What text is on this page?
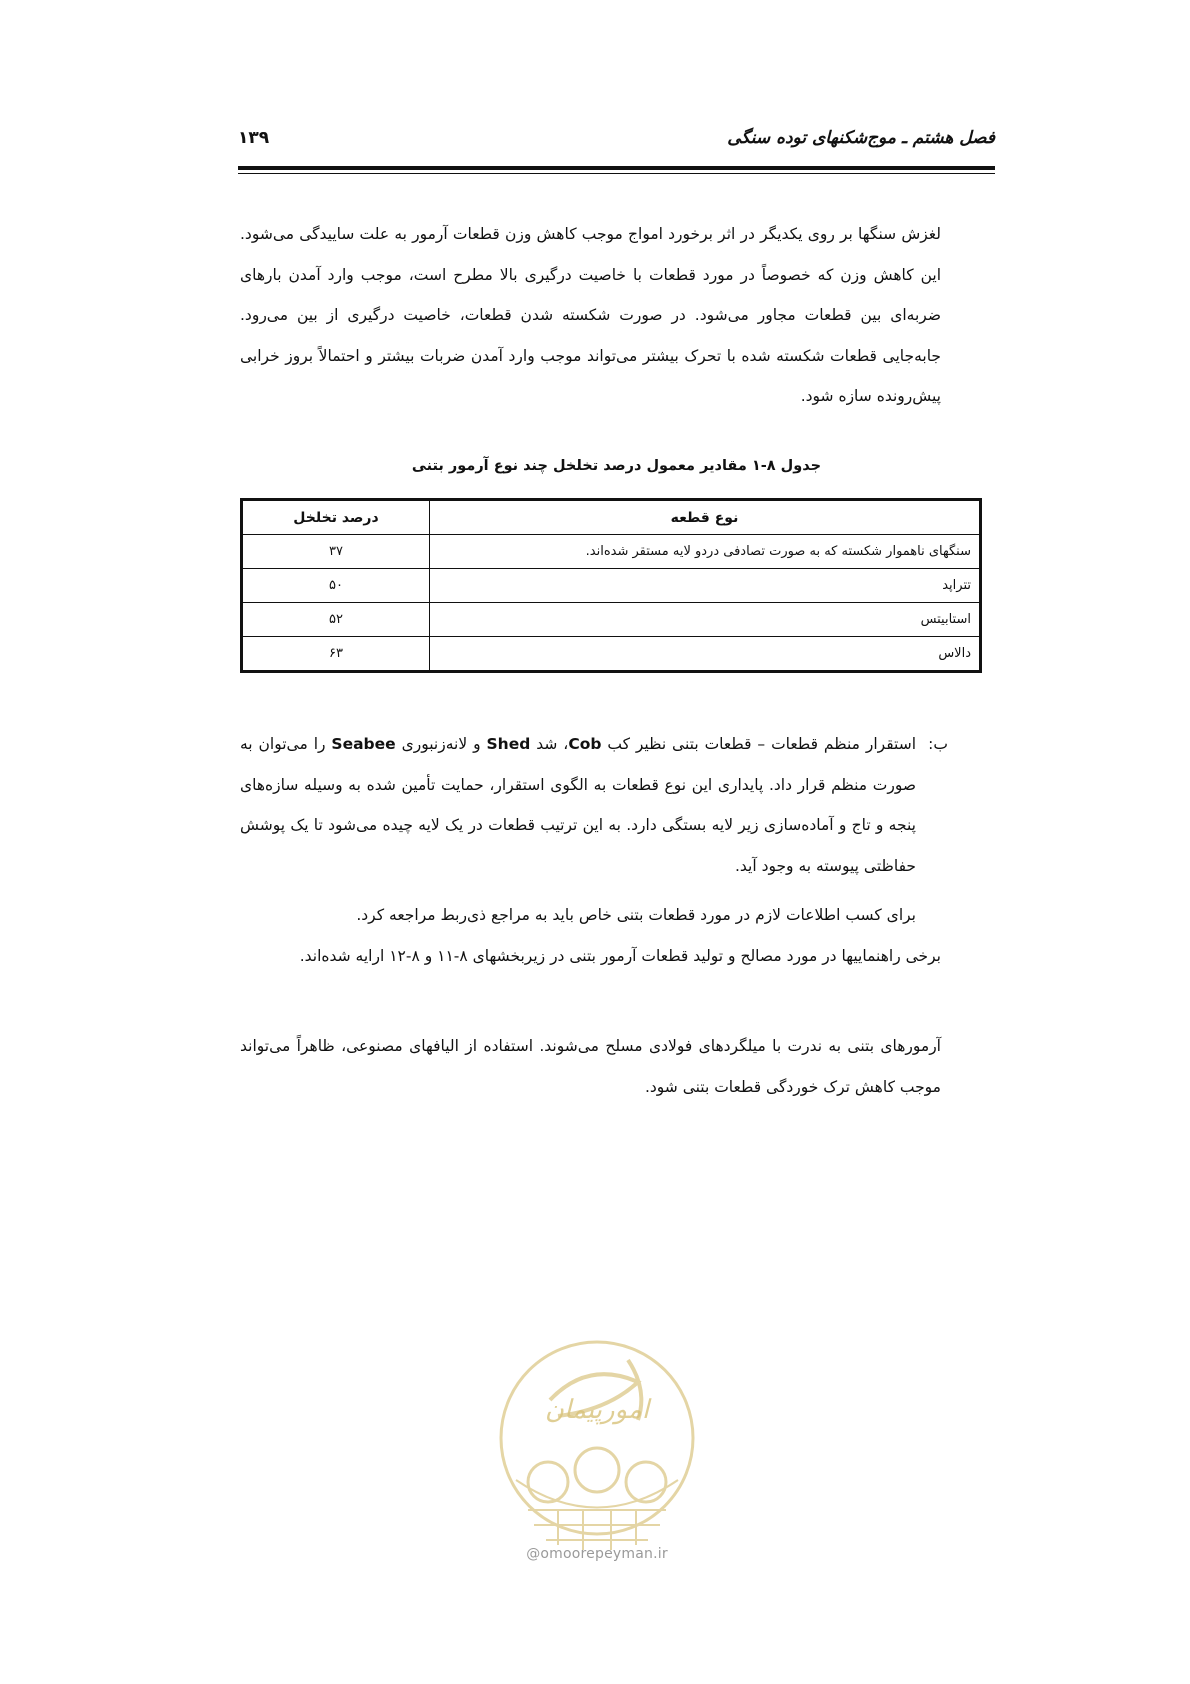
۱۳۹	فصل هشتم ـ موج‌شکنهای توده سنگی

لغزش سنگها بر روی یکدیگر در اثر برخورد امواج موجب کاهش وزن قطعات آرمور به علت ساییدگی می‌شود. این کاهش وزن که خصوصاً در مورد قطعات با خاصیت درگیری بالا مطرح است، موجب وارد آمدن بارهای ضربه‌ای بین قطعات مجاور می‌شود. در صورت شکسته شدن قطعات، خاصیت درگیری از بین می‌رود. جابه‌جایی قطعات شکسته شده با تحرک بیشتر می‌تواند موجب وارد آمدن ضربات بیشتر و احتمالاً بروز خرابی پیش‌رونده سازه شود.

جدول ۸-۱ مقادیر معمول درصد تخلخل چند نوع آرمور بتنی
نوع قطعه	درصد تخلخل
سنگهای ناهموار شکسته که به صورت تصادفی دردو لایه مستقر شده‌اند.	۳۷
تتراپد	۵۰
استابیتس	۵۲
دالاس	۶۳
ب:

استقرار منظم قطعات – قطعات بتنی نظیر کب Cob، شد Shed و لانه‌زنبوری Seabee را می‌توان به صورت منظم قرار داد. پایداری این نوع قطعات به الگوی استقرار، حمایت تأمین شده به وسیله سازه‌های پنجه و تاج و آماده‌سازی زیر لایه بستگی دارد. به این ترتیب قطعات در یک لایه چیده می‌شود تا یک پوشش حفاظتی پیوسته به وجود آید.

برای کسب اطلاعات لازم در مورد قطعات بتنی خاص باید به مراجع ذی‌ربط مراجعه کرد.

برخی راهنماییها در مورد مصالح و تولید قطعات آرمور بتنی در زیربخشهای ۸-۱۱ و ۸-۱۲ ارایه شده‌اند.

آرمورهای بتنی به ندرت با میلگردهای فولادی مسلح می‌شوند. استفاده از الیافهای مصنوعی، ظاهراً می‌تواند موجب کاهش ترک خوردگی قطعات بتنی شود.

امورپیمان
@omoorepeyman.ir
